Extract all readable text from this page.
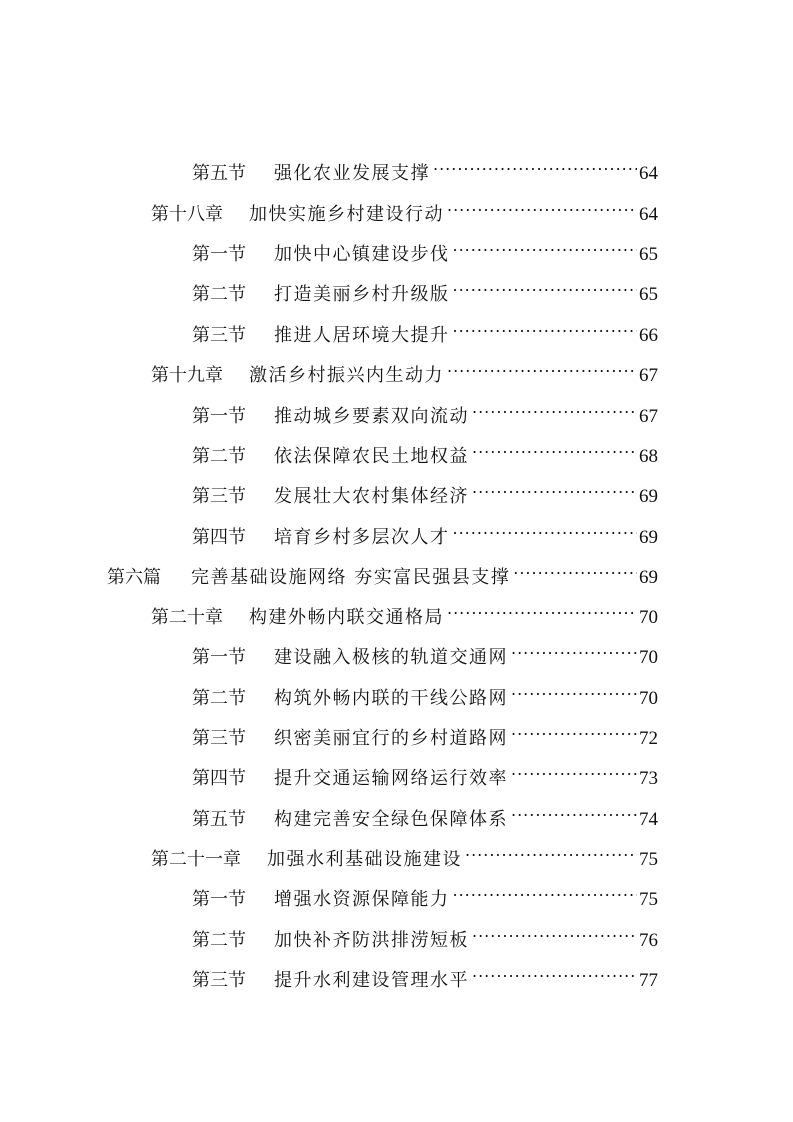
第五节 强化农业发展支撑 .....	64
第十八章 加快实施乡村建设行动 .....	64
第一节 加快中心镇建设步伐 .....	65
第二节 打造美丽乡村升级版 .....	65
第三节 推进人居环境大提升 .....	66
第十九章 激活乡村振兴内生动力 .....	67
第一节 推动城乡要素双向流动 .....	67
第二节 依法保障农民土地权益 .....	68
第三节 发展壮大农村集体经济 .....	69
第四节 培育乡村多层次人才 .....	69
第六篇 完善基础设施网络 夯实富民强县支撑 .....	69
第二十章 构建外畅内联交通格局 .....	70
第一节 建设融入极核的轨道交通网 .....	70
第二节 构筑外畅内联的干线公路网 .....	70
第三节 织密美丽宜行的乡村道路网 .....	72
第四节 提升交通运输网络运行效率 .....	73
第五节 构建完善安全绿色保障体系 .....	74
第二十一章 加强水利基础设施建设 .....	75
第一节 增强水资源保障能力 .....	75
第二节 加快补齐防洪排涝短板 .....	76
第三节 提升水利建设管理水平 .....	77
